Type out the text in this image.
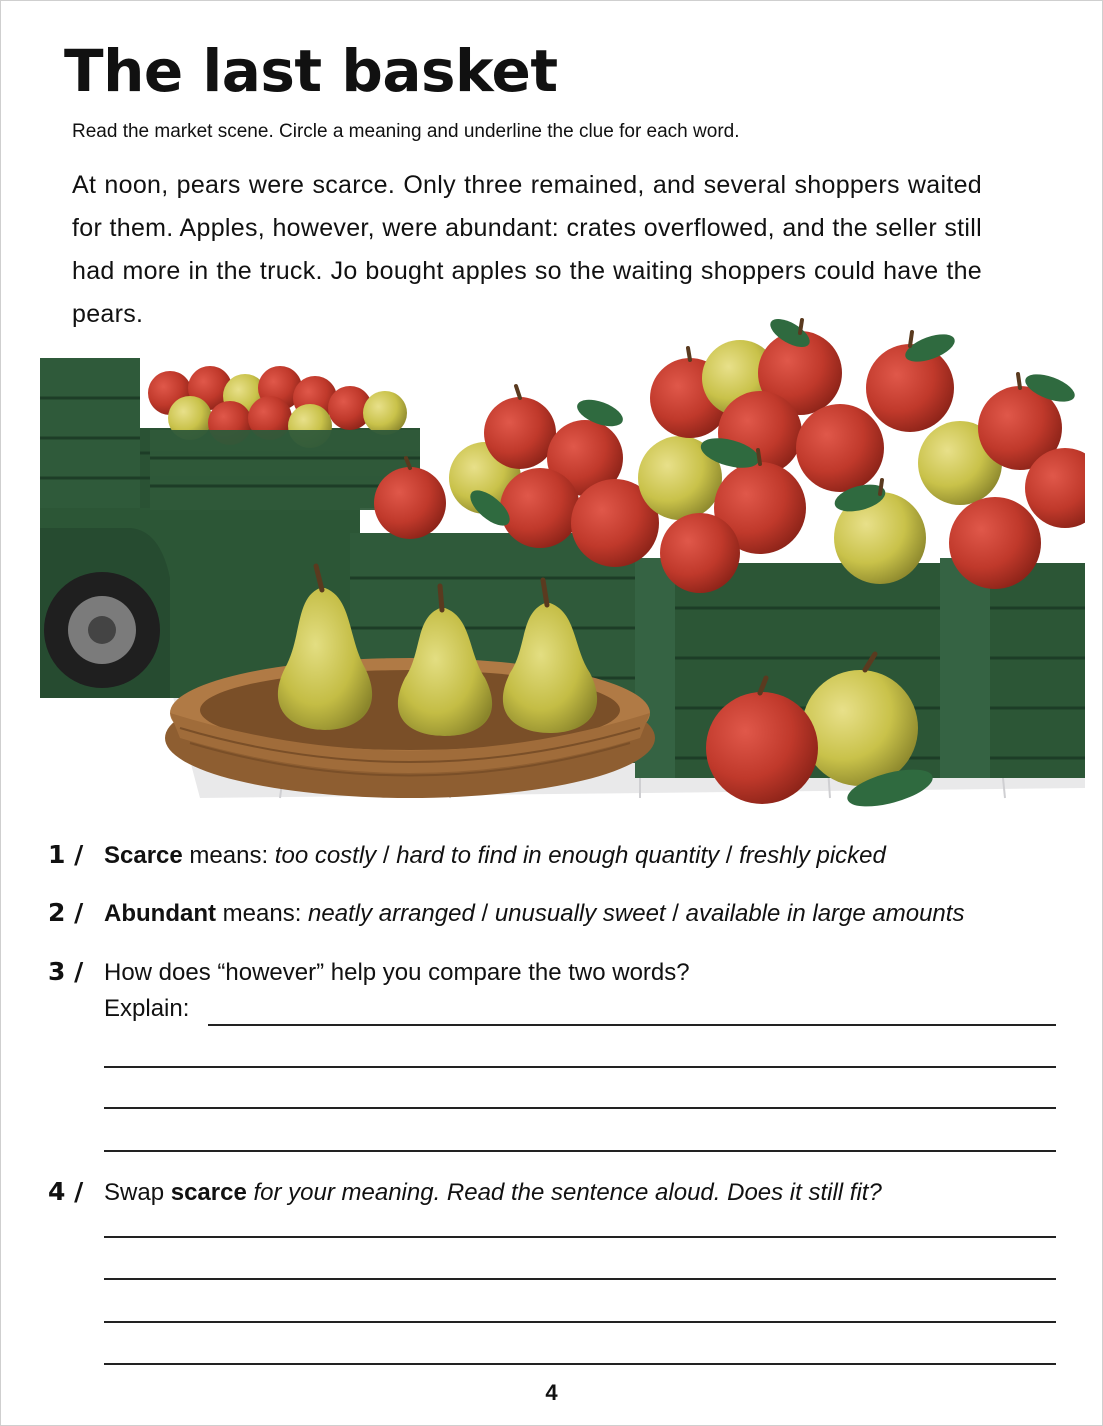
The last basket
Read the market scene. Circle a meaning and underline the clue for each word.
At noon, pears were scarce. Only three remained, and several shoppers waited for them. Apples, however, were abundant: crates overflowed, and the seller still had more in the truck. Jo bought apples so the waiting shoppers could have the pears.
1 / Scarce means: too costly / hard to find in enough quantity / freshly picked
2 / Abundant means: neatly arranged / unusually sweet / available in large amounts
3 / How does “however” help you compare the two words?
Explain:
4 / Swap scarce for your meaning. Read the sentence aloud. Does it still fit?
4
